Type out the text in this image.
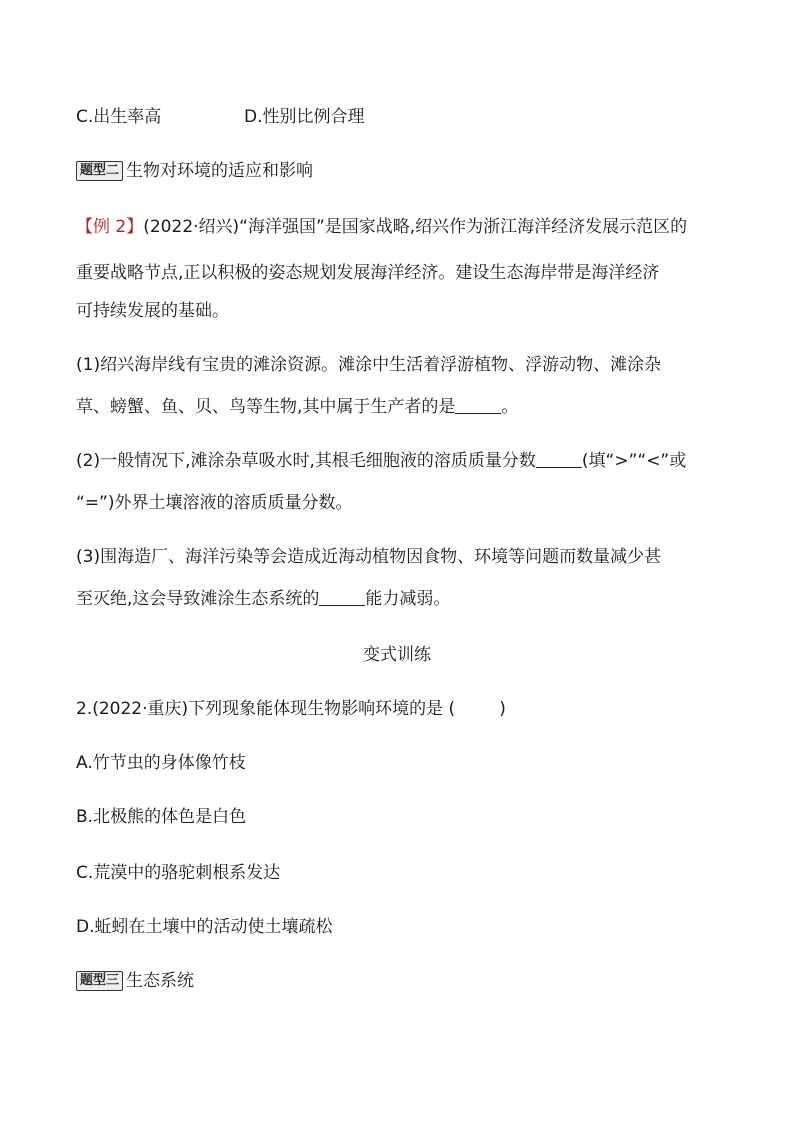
C.出生率高	D.性别比例合理
题型二 生物对环境的适应和影响
【例 2】(2022·绍兴)“海洋强国”是国家战略,绍兴作为浙江海洋经济发展示范区的
重要战略节点,正以积极的姿态规划发展海洋经济。建设生态海岸带是海洋经济
可持续发展的基础。
(1)绍兴海岸线有宝贵的滩涂资源。滩涂中生活着浮游植物、浮游动物、滩涂杂
草、螃蟹、鱼、贝、鸟等生物,其中属于生产者的是	。
(2)一般情况下,滩涂杂草吸水时,其根毛细胞液的溶质质量分数	(填“>”“<”或
“=”)外界土壤溶液的溶质质量分数。
(3)围海造厂、海洋污染等会造成近海动植物因食物、环境等问题而数量减少甚
至灭绝,这会导致滩涂生态系统的	能力减弱。
变式训练
2.(2022·重庆)下列现象能体现生物影响环境的是 (	)
A.竹节虫的身体像竹枝
B.北极熊的体色是白色
C.荒漠中的骆驼刺根系发达
D.蚯蚓在土壤中的活动使土壤疏松
题型三 生态系统
